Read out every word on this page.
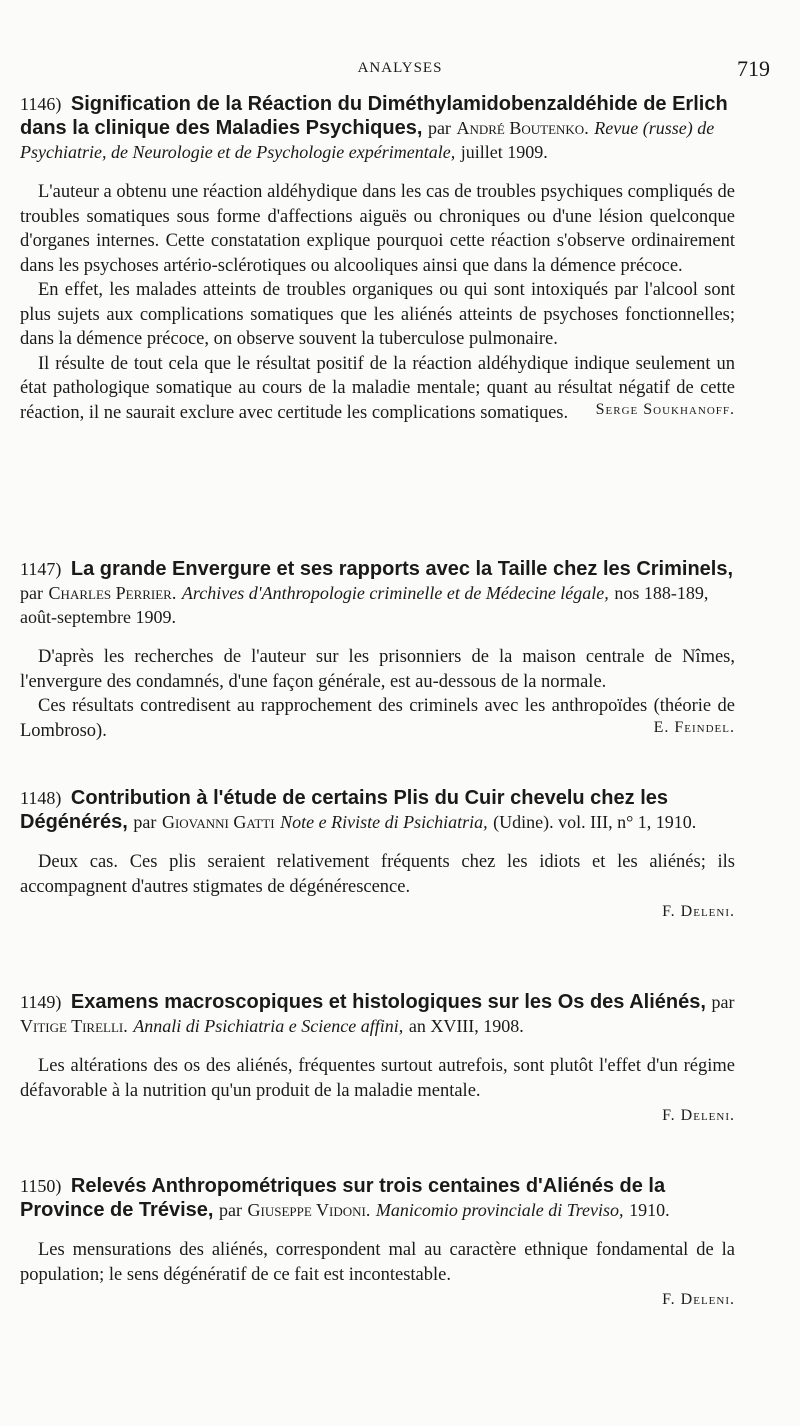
ANALYSES	719

1146) Signification de la Réaction du Diméthylamidobenzaldéhide de Erlich dans la clinique des Maladies Psychiques, par André Boutenko. Revue (russe) de Psychiatrie, de Neurologie et de Psychologie expérimentale, juillet 1909.

L'auteur a obtenu une réaction aldéhydique dans les cas de troubles psychiques compliqués de troubles somatiques sous forme d'affections aiguës ou chroniques ou d'une lésion quelconque d'organes internes. Cette constatation explique pourquoi cette réaction s'observe ordinairement dans les psychoses artério-sclérotiques ou alcooliques ainsi que dans la démence précoce.

En effet, les malades atteints de troubles organiques ou qui sont intoxiqués par l'alcool sont plus sujets aux complications somatiques que les aliénés atteints de psychoses fonctionnelles; dans la démence précoce, on observe souvent la tuberculose pulmonaire.

Il résulte de tout cela que le résultat positif de la réaction aldéhydique indique seulement un état pathologique somatique au cours de la maladie mentale; quant au résultat négatif de cette réaction, il ne saurait exclure avec certitude les complications somatiques.	Serge Soukhanoff.

1147) La grande Envergure et ses rapports avec la Taille chez les Criminels, par Charles Perrier. Archives d'Anthropologie criminelle et de Médecine légale, nos 188-189, août-septembre 1909.

D'après les recherches de l'auteur sur les prisonniers de la maison centrale de Nîmes, l'envergure des condamnés, d'une façon générale, est au-dessous de la normale.

Ces résultats contredisent au rapprochement des criminels avec les anthropoïdes (théorie de Lombroso).	E. Feindel.

1148) Contribution à l'étude de certains Plis du Cuir chevelu chez les Dégénérés, par Giovanni Gatti Note e Riviste di Psichiatria, (Udine). vol. III, n° 1, 1910.

Deux cas. Ces plis seraient relativement fréquents chez les idiots et les aliénés; ils accompagnent d'autres stigmates de dégénérescence.

F. Deleni.

1149) Examens macroscopiques et histologiques sur les Os des Aliénés, par Vitige Tirelli. Annali di Psichiatria e Science affini, an XVIII, 1908.

Les altérations des os des aliénés, fréquentes surtout autrefois, sont plutôt l'effet d'un régime défavorable à la nutrition qu'un produit de la maladie mentale.

F. Deleni.

1150) Relevés Anthropométriques sur trois centaines d'Aliénés de la Province de Trévise, par Giuseppe Vidoni. Manicomio provinciale di Treviso, 1910.

Les mensurations des aliénés, correspondent mal au caractère ethnique fondamental de la population; le sens dégénératif de ce fait est incontestable.

F. Deleni.
